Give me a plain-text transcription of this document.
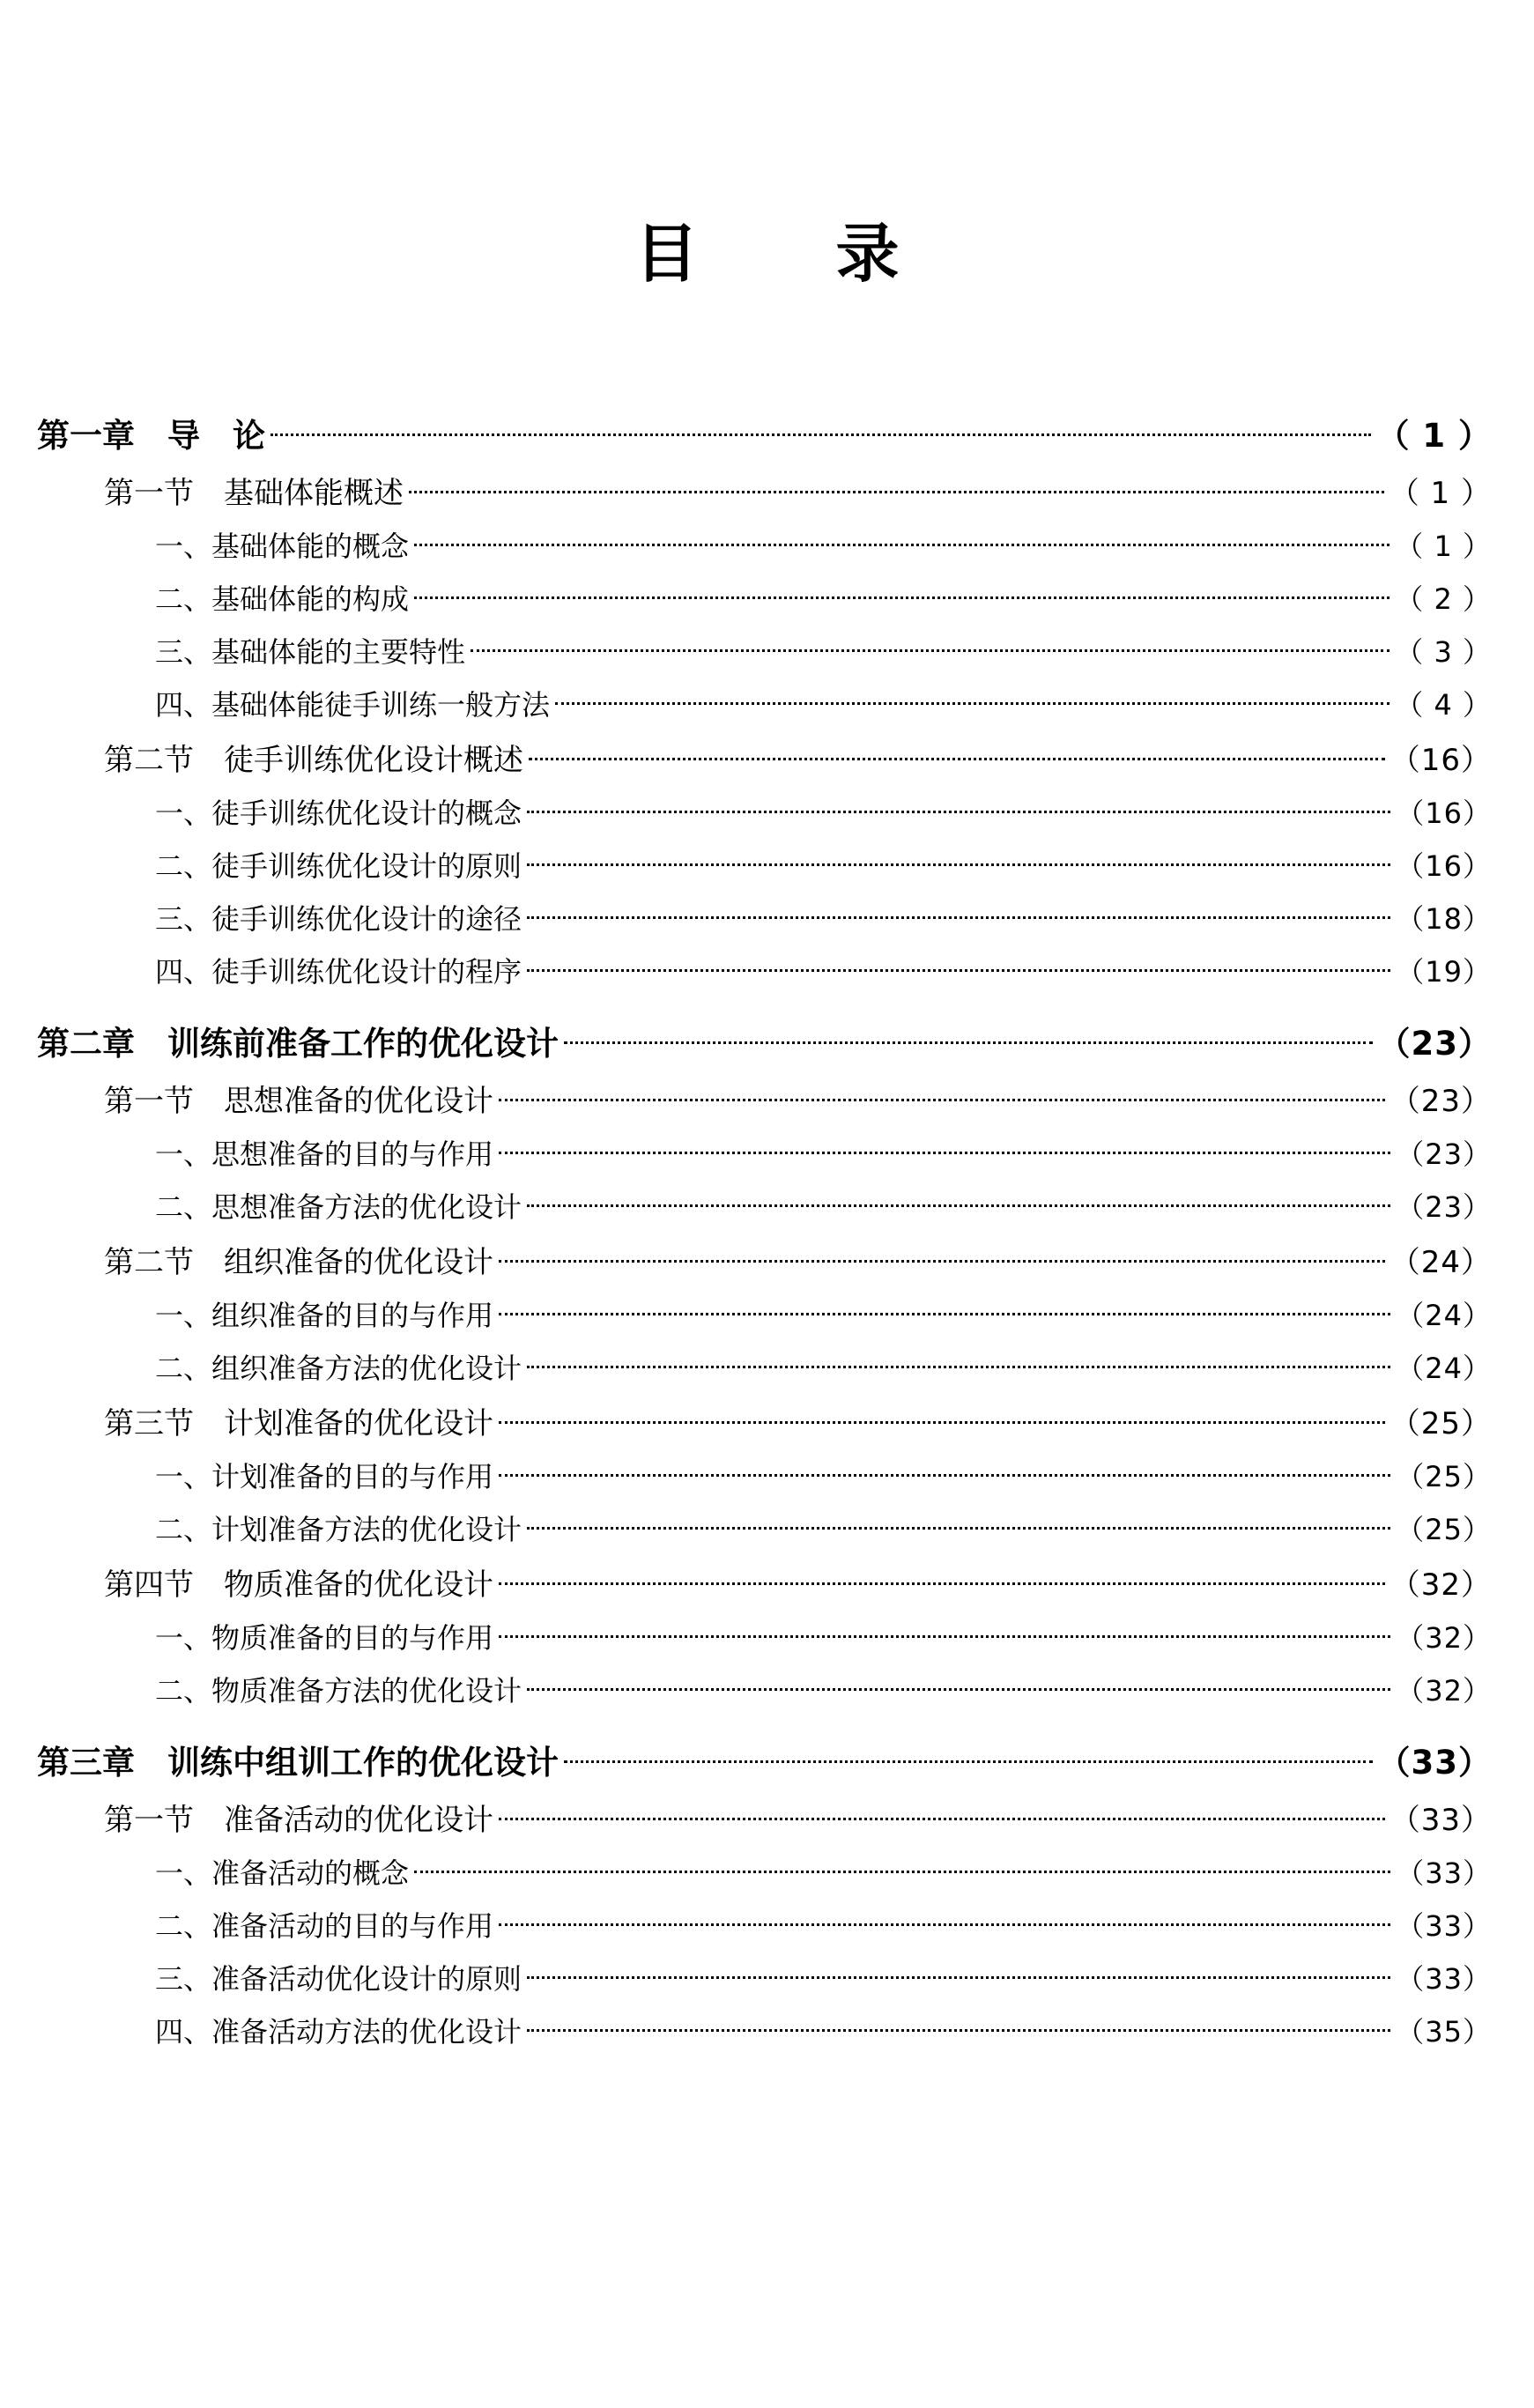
目　录
第一章　导　论	（ 1 ）
第一节　基础体能概述	（ 1 ）
一、基础体能的概念	（ 1 ）
二、基础体能的构成	（ 2 ）
三、基础体能的主要特性	（ 3 ）
四、基础体能徒手训练一般方法	（ 4 ）
第二节　徒手训练优化设计概述	（16）
一、徒手训练优化设计的概念	（16）
二、徒手训练优化设计的原则	（16）
三、徒手训练优化设计的途径	（18）
四、徒手训练优化设计的程序	（19）
第二章　训练前准备工作的优化设计	（23）
第一节　思想准备的优化设计	（23）
一、思想准备的目的与作用	（23）
二、思想准备方法的优化设计	（23）
第二节　组织准备的优化设计	（24）
一、组织准备的目的与作用	（24）
二、组织准备方法的优化设计	（24）
第三节　计划准备的优化设计	（25）
一、计划准备的目的与作用	（25）
二、计划准备方法的优化设计	（25）
第四节　物质准备的优化设计	（32）
一、物质准备的目的与作用	（32）
二、物质准备方法的优化设计	（32）
第三章　训练中组训工作的优化设计	（33）
第一节　准备活动的优化设计	（33）
一、准备活动的概念	（33）
二、准备活动的目的与作用	（33）
三、准备活动优化设计的原则	（33）
四、准备活动方法的优化设计	（35）
